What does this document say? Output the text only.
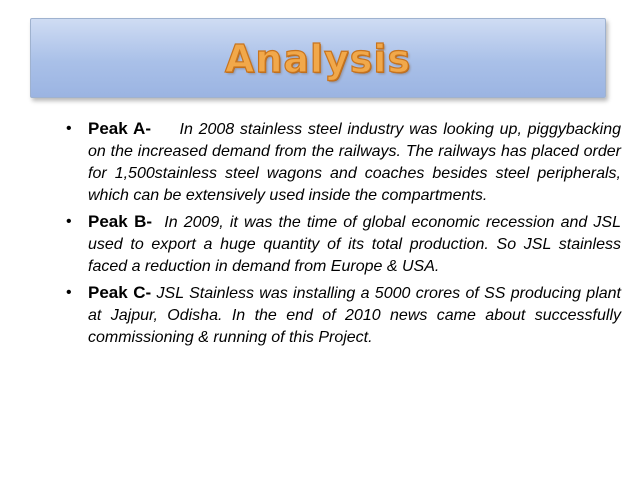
Analysis
• Peak A- In 2008 stainless steel industry was looking up, piggybacking on the increased demand from the railways. The railways has placed order for 1,500stainless steel wagons and coaches besides steel peripherals, which can be extensively used inside the compartments.
• Peak B- In 2009, it was the time of global economic recession and JSL used to export a huge quantity of its total production. So JSL stainless faced a reduction in demand from Europe & USA.
• Peak C- JSL Stainless was installing a 5000 crores of SS producing plant at Jajpur, Odisha. In the end of 2010 news came about successfully commissioning & running of this Project.
